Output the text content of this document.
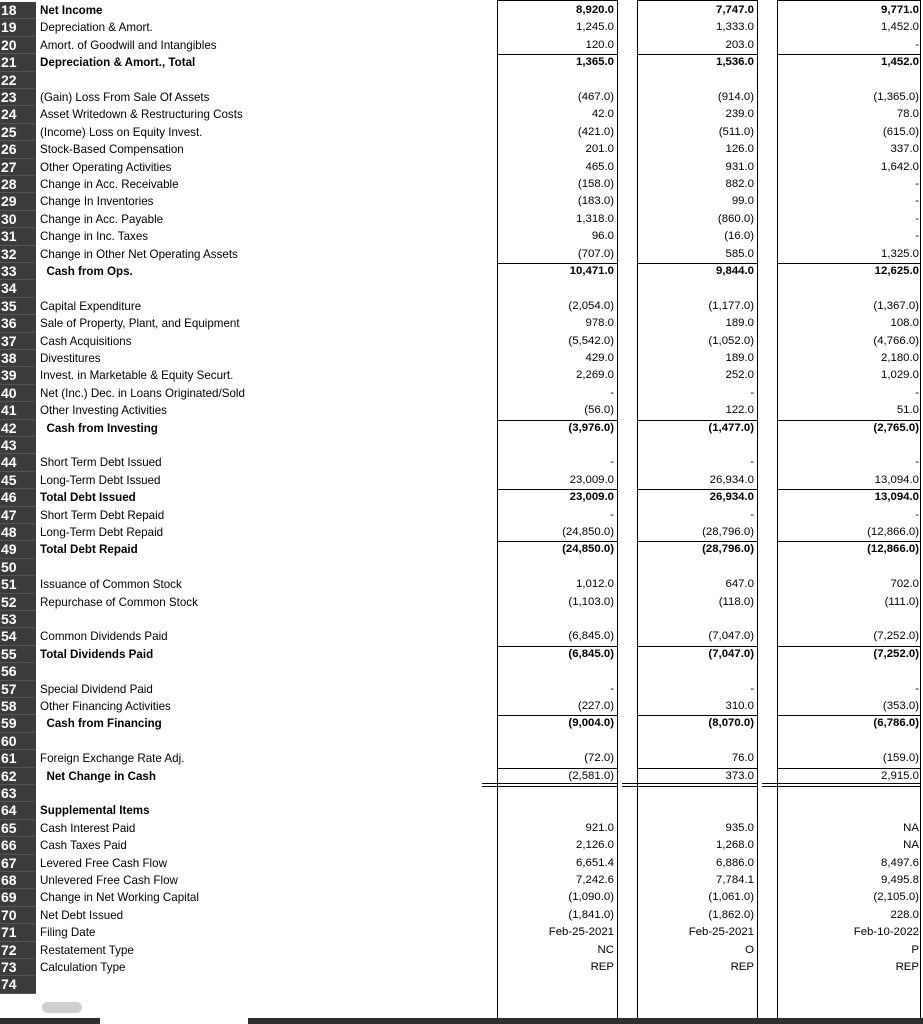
18	Net Income	8,920.0	7,747.0	9,771.0
19	Depreciation & Amort.	1,245.0	1,333.0	1,452.0
20	Amort. of Goodwill and Intangibles	120.0	203.0	-
21	Depreciation & Amort., Total	1,365.0	1,536.0	1,452.0
22
23	(Gain) Loss From Sale Of Assets	(467.0)	(914.0)	(1,365.0)
24	Asset Writedown & Restructuring Costs	42.0	239.0	78.0
25	(Income) Loss on Equity Invest.	(421.0)	(511.0)	(615.0)
26	Stock-Based Compensation	201.0	126.0	337.0
27	Other Operating Activities	465.0	931.0	1,642.0
28	Change in Acc. Receivable	(158.0)	882.0	-
29	Change In Inventories	(183.0)	99.0	-
30	Change in Acc. Payable	1,318.0	(860.0)	-
31	Change in Inc. Taxes	96.0	(16.0)	-
32	Change in Other Net Operating Assets	(707.0)	585.0	1,325.0
33	Cash from Ops.	10,471.0	9,844.0	12,625.0
34
35	Capital Expenditure	(2,054.0)	(1,177.0)	(1,367.0)
36	Sale of Property, Plant, and Equipment	978.0	189.0	108.0
37	Cash Acquisitions	(5,542.0)	(1,052.0)	(4,766.0)
38	Divestitures	429.0	189.0	2,180.0
39	Invest. in Marketable & Equity Securt.	2,269.0	252.0	1,029.0
40	Net (Inc.) Dec. in Loans Originated/Sold	-	-	-
41	Other Investing Activities	(56.0)	122.0	51.0
42	Cash from Investing	(3,976.0)	(1,477.0)	(2,765.0)
43
44	Short Term Debt Issued	-	-	-
45	Long-Term Debt Issued	23,009.0	26,934.0	13,094.0
46	Total Debt Issued	23,009.0	26,934.0	13,094.0
47	Short Term Debt Repaid	-	-	-
48	Long-Term Debt Repaid	(24,850.0)	(28,796.0)	(12,866.0)
49	Total Debt Repaid	(24,850.0)	(28,796.0)	(12,866.0)
50
51	Issuance of Common Stock	1,012.0	647.0	702.0
52	Repurchase of Common Stock	(1,103.0)	(118.0)	(111.0)
53
54	Common Dividends Paid	(6,845.0)	(7,047.0)	(7,252.0)
55	Total Dividends Paid	(6,845.0)	(7,047.0)	(7,252.0)
56
57	Special Dividend Paid	-	-	-
58	Other Financing Activities	(227.0)	310.0	(353.0)
59	Cash from Financing	(9,004.0)	(8,070.0)	(6,786.0)
60
61	Foreign Exchange Rate Adj.	(72.0)	76.0	(159.0)
62	Net Change in Cash	(2,581.0)	373.0	2,915.0
63
64	Supplemental Items
65	Cash Interest Paid	921.0	935.0	NA
66	Cash Taxes Paid	2,126.0	1,268.0	NA
67	Levered Free Cash Flow	6,651.4	6,886.0	8,497.6
68	Unlevered Free Cash Flow	7,242.6	7,784.1	9,495.8
69	Change in Net Working Capital	(1,090.0)	(1,061.0)	(2,105.0)
70	Net Debt Issued	(1,841.0)	(1,862.0)	228.0
71	Filing Date	Feb-25-2021	Feb-25-2021	Feb-10-2022
72	Restatement Type	NC	O	P
73	Calculation Type	REP	REP	REP
74
